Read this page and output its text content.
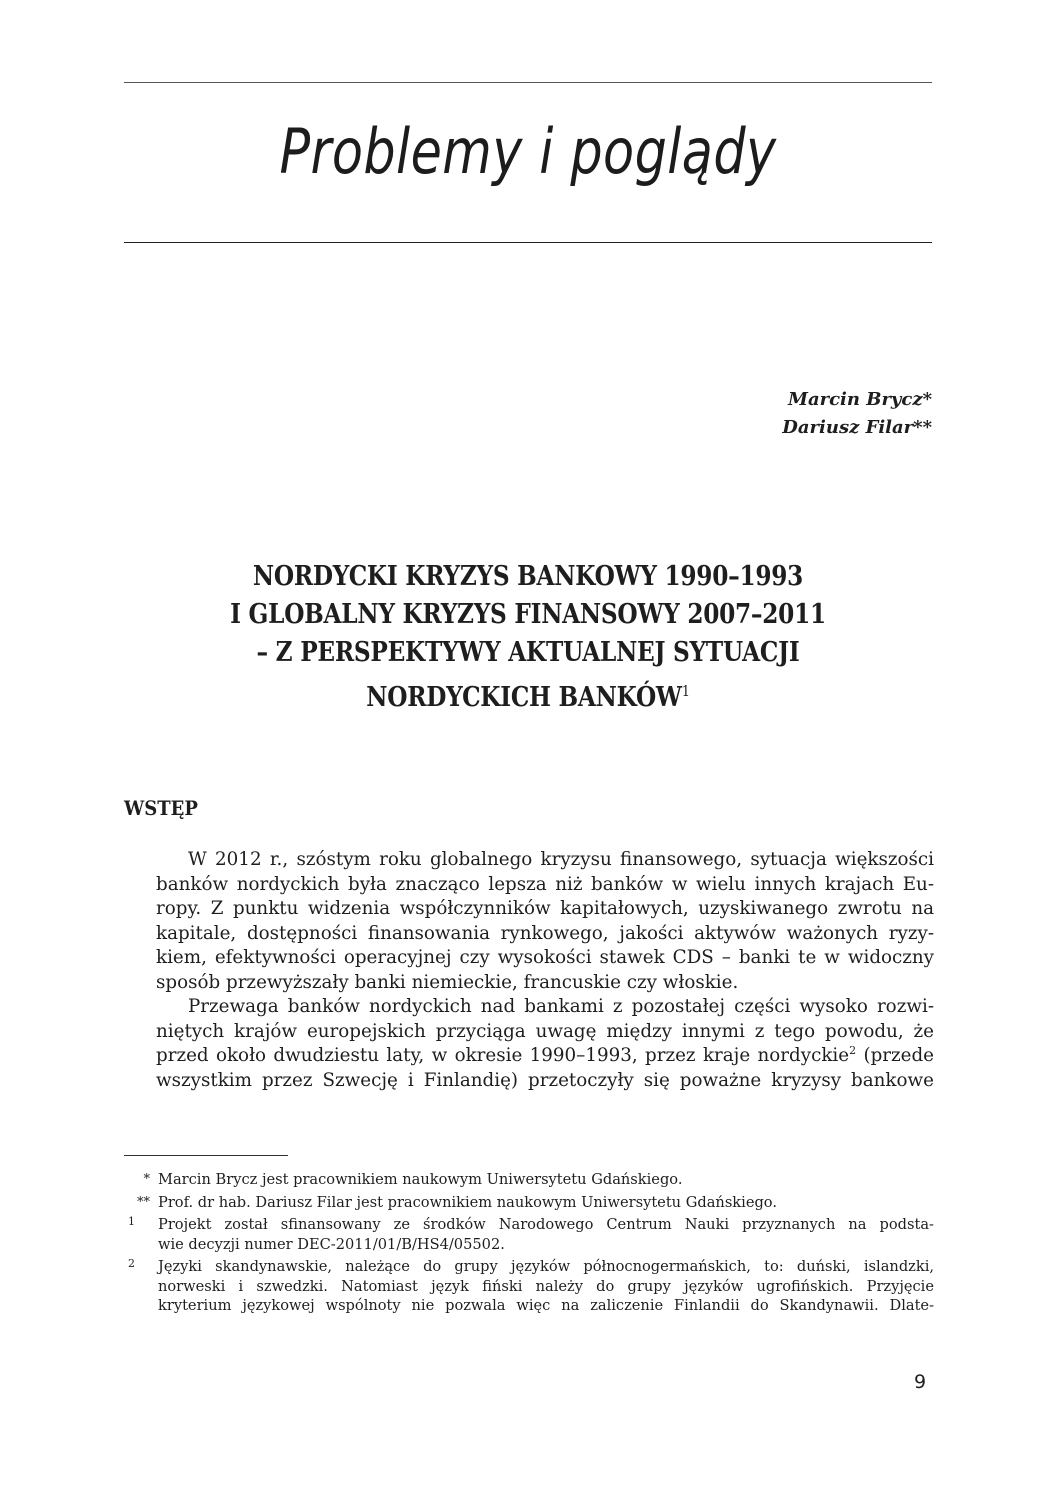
Problemy i poglądy
Marcin Brycz*
Dariusz Filar**
NORDYCKI KRYZYS BANKOWY 1990–1993
I GLOBALNY KRYZYS FINANSOWY 2007–2011
– Z PERSPEKTYWY AKTUALNEJ SYTUACJI
NORDYCKICH BANKÓW$^1$
WSTĘP

W 2012 r., szóstym roku globalnego kryzysu finansowego, sytuacja większości
banków nordyckich była znacząco lepsza niż banków w wielu innych krajach Eu-
ropy. Z punktu widzenia współczynników kapitałowych, uzyskiwanego zwrotu na
kapitale, dostępności finansowania rynkowego, jakości aktywów ważonych ryzy-
kiem, efektywności operacyjnej czy wysokości stawek CDS – banki te w widoczny
sposób przewyższały banki niemieckie, francuskie czy włoskie.

Przewaga banków nordyckich nad bankami z pozostałej części wysoko rozwi-
niętych krajów europejskich przyciąga uwagę między innymi z tego powodu, że
przed około dwudziestu laty, w okresie 1990–1993, przez kraje nordyckie$^2$ (przede
wszystkim przez Szwecję i Finlandię) przetoczyły się poważne kryzysy bankowe

* Marcin Brycz jest pracownikiem naukowym Uniwersytetu Gdańskiego.
** Prof. dr hab. Dariusz Filar jest pracownikiem naukowym Uniwersytetu Gdańskiego.
1	Projekt został sfinansowany ze środków Narodowego Centrum Nauki przyznanych na podsta-
wie decyzji numer DEC-2011/01/B/HS4/05502.
2	Języki skandynawskie, należące do grupy języków północnogermańskich, to: duński, islandzki,
norweski i szwedzki. Natomiast język fiński należy do grupy języków ugrofińskich. Przyjęcie
kryterium językowej wspólnoty nie pozwala więc na zaliczenie Finlandii do Skandynawii. Dlate-
9
